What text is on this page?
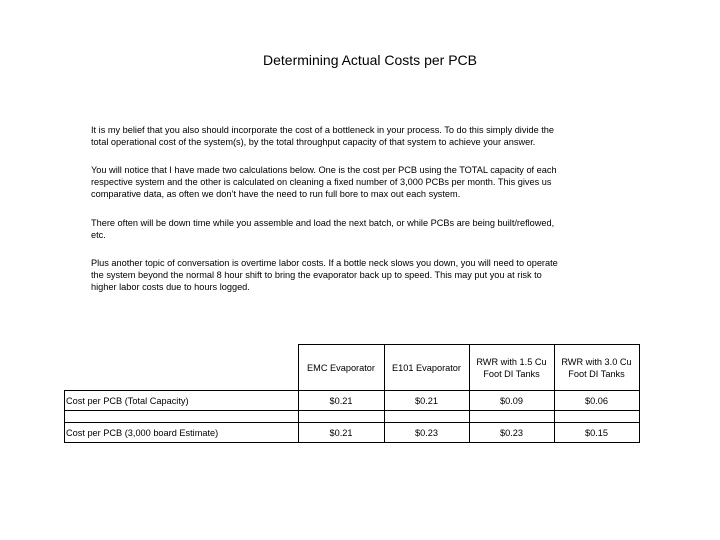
Determining Actual Costs per PCB
It is my belief that you also should incorporate the cost of a bottleneck in your process. To do this simply divide the
total operational cost of the system(s), by the total throughput capacity of that system to achieve your answer.
You will notice that I have made two calculations below. One is the cost per PCB using the TOTAL capacity of each
respective system and the other is calculated on cleaning a fixed number of 3,000 PCBs per month. This gives us
comparative data, as often we don’t have the need to run full bore to max out each system.
There often will be down time while you assemble and load the next batch, or while PCBs are being built/reflowed,
etc.
Plus another topic of conversation is overtime labor costs. If a bottle neck slows you down, you will need to operate
the system beyond the normal 8 hour shift to bring the evaporator back up to speed. This may put you at risk to
higher labor costs due to hours logged.
	EMC Evaporator	E101 Evaporator	RWR with 1.5 Cu Foot DI Tanks	RWR with 3.0 Cu Foot DI Tanks
Cost per PCB (Total Capacity)	$0.21	$0.21	$0.09	$0.06

Cost per PCB (3,000 board Estimate)	$0.21	$0.23	$0.23	$0.15
